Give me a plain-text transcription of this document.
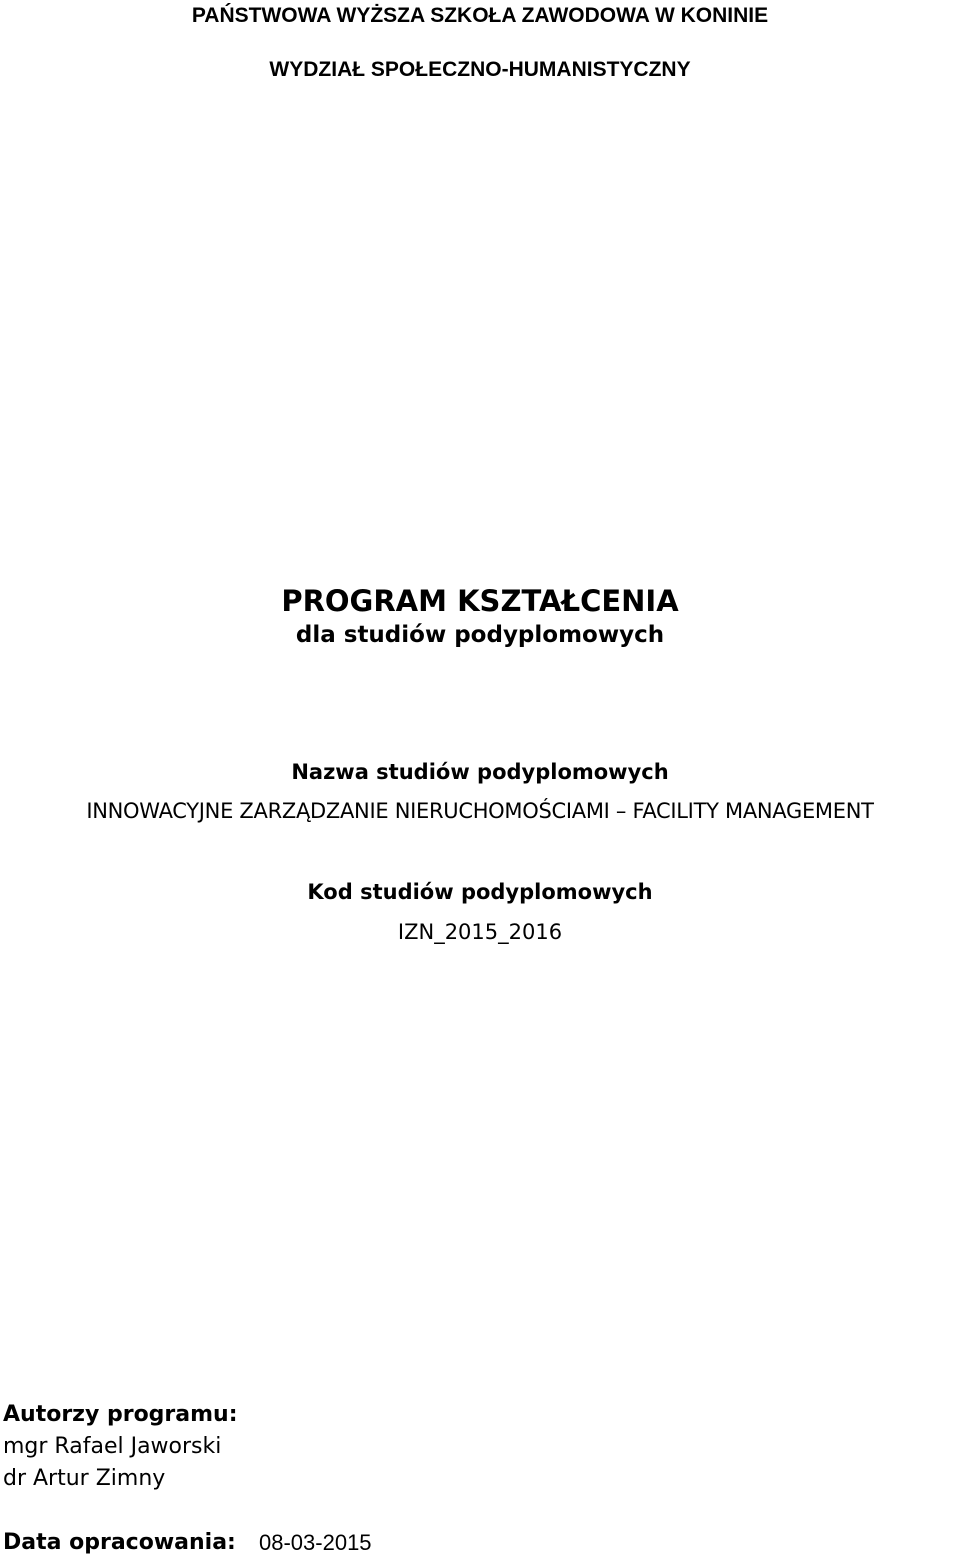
PAŃSTWOWA WYŻSZA SZKOŁA ZAWODOWA W KONINIE
WYDZIAŁ SPOŁECZNO-HUMANISTYCZNY
PROGRAM KSZTAŁCENIA
dla studiów podyplomowych
Nazwa studiów podyplomowych
INNOWACYJNE ZARZĄDZANIE NIERUCHOMOŚCIAMI – FACILITY MANAGEMENT
Kod studiów podyplomowych
IZN_2015_2016
Autorzy programu:
mgr Rafael Jaworski
dr Artur Zimny
Data opracowania: 08-03-2015
